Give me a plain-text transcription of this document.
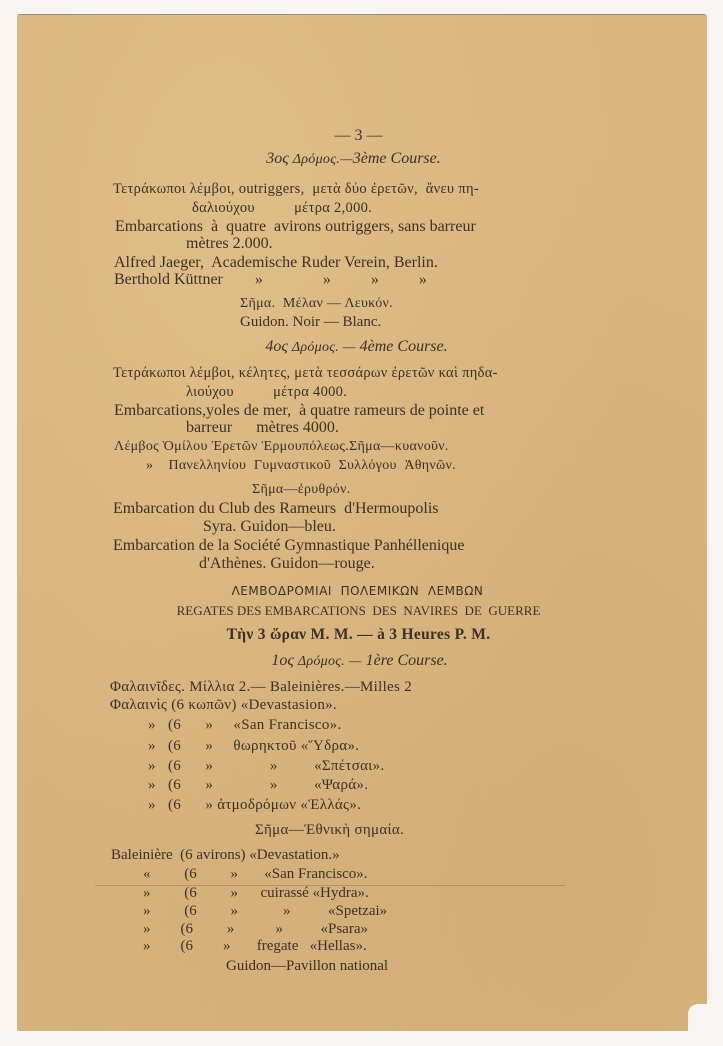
— 3 —
3ος Δρόμος.—3ème Course.
Τετράκωποι λέμβοι, outriggers,  μετὰ δύο ἐρετῶν,  ἄνευ πη-
δαλιούχου          μέτρα 2,000.
Embarcations  à  quatre  avirons outriggers, sans barreur
mètres 2.000.
Alfred Jaeger,  Academische Ruder Verein, Berlin.
Berthold Küttner        »               »          »          »
Σῆμα.  Μέλαν — Λευκόν.
Guidon. Noir — Blanc.
4ος Δρόμος. — 4ème Course.
Τετράκωποι λέμβοι, κέλητες, μετὰ τεσσάρων ἐρετῶν καὶ πηδα-
λιούχου          μέτρα 4000.
Embarcations,yoles de mer,  à quatre rameurs de pointe et
barreur      mètres 4000.
Λέμβος Ὁμίλου Ἐρετῶν Ἑρμουπόλεως.Σῆμα—κυανοῦν.
»    Πανελληνίου  Γυμναστικοῦ  Συλλόγου  Ἀθηνῶν.
Σῆμα—ἐρυθρόν.
Embarcation du Club des Rameurs  d'Hermoupolis
Syra. Guidon—bleu.
Embarcation de la Société Gymnastique Panhéllenique
d'Athènes. Guidon—rouge.
ΛΕΜΒΟΔΡΟΜΙΑΙ  ΠΟΛΕΜΙΚΩΝ  ΛΕΜΒΩΝ
REGATES DES EMBARCATIONS  DES  NAVIRES  DE  GUERRE
Τὴν 3 ὥραν Μ. Μ. — à 3 Heures P. M.
1ος Δρόμος. — 1ère Course.
Φαλαινῖδες. Μίλλια 2.— Baleinières.—Milles 2
Φαλαινὶς (6 κωπῶν) «Devastasion».
»   (6      »     «San Francisco».
»   (6      »     θωρηκτοῦ «Ὕδρα».
»   (6      »              »         «Σπέτσαι».
»   (6      »              »         «Ψαρά».
»   (6      » ἀτμοδρόμων «Ἑλλάς».
Σῆμα—Ἐθνικὴ σημαία.
Baleinière  (6 avirons) «Devastation.»
«         (6         »       «San Francisco».
»         (6         »      cuirassé «Hydra».
»         (6         »            »          «Spetzai»
»        (6         »           »          «Psara»
»        (6        »       fregate   «Hellas».
Guidon—Pavillon national
